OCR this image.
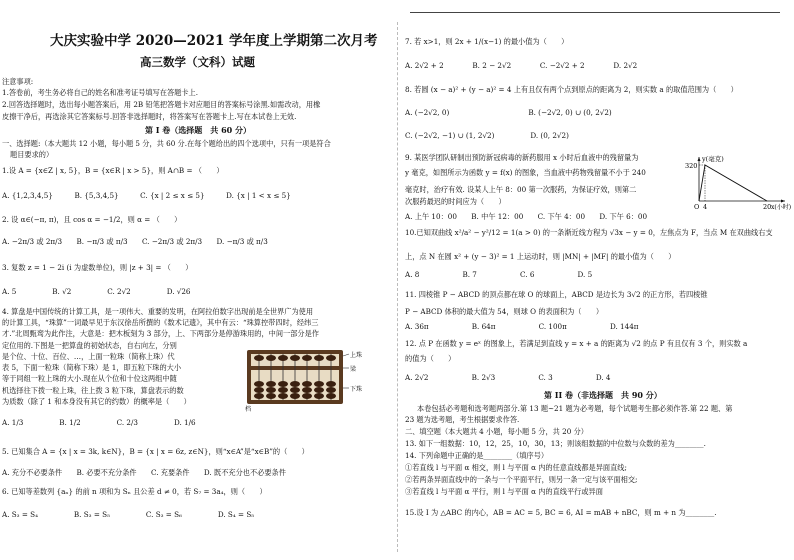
大庆实验中学 2020—2021 学年度上学期第二次月考
高三数学（文科）试题
注意事项:
1.答卷前，考生务必将自己的姓名和准考证号填写在答题卡上.
2.回答选择题时，选出每小题答案后，用 2B 铅笔把答题卡对应题目的答案标号涂黑.如需改动，用橡
皮擦干净后，再选涂其它答案标号.回答非选择题时，将答案写在答题卡上.写在本试卷上无效.
第 I 卷（选择题　共 60 分）
一、选择题:（本大题共 12 小题，每小题 5 分，共 60 分.在每个题给出的四个选项中，只有一项是符合
题目要求的）
1.设 A = {x∈Z | x, 5}，B = {x∈R | x > 5}，则 A∩B = （　　）
A. {1,2,3,4,5}　　　B. {5,3,4,5}　　　C. {x | 2 ≤ x ≤ 5}　　　D. {x | 1 < x ≤ 5}
2. 设 α∈(−π, π)，且 cos α = −1/2，则 α = （　　）
A. −2π/3 或 2π/3　　B. −π/3 或 π/3　　C. −2π/3 或 2π/3　　D. −π/3 或 π/3
3. 复数 z = 1 − 2i (i 为虚数单位)，则 |z + 3| = （　　）
A. 5　　　　　B. √2　　　　　C. 2√2　　　　　D. √26
4. 算盘是中国传统的计算工具，是一项伟大、重要的发明，在阿拉伯数字出现前是全世界广为使用
的计算工具，“珠算”一词最早见于东汉徐岳所撰的《数术记遗》，其中有云：“珠算控带四时，经纬三
才.”北周甄鸾为此作注，大意是：把木板刻为 3 部分，上、下两部分是停游珠用的，中间一部分是作
定位用的.下图是一把算盘的初始状态，自右向左，分别
是个位、十位、百位、…，上面一粒珠（简称上珠）代
表 5，下面一粒珠（简称下珠）是 1，即五粒下珠的大小
等于同组一粒上珠的大小.现在从个位和十位这两组中随
机选择往下拨一粒上珠，往上拨 3 粒下珠，算盘表示的数
为质数（除了 1 和本身没有其它的约数）的概率是（　　）
A. 1/3　　　　　B. 1/2　　　　　C. 2/3　　　　　D. 1/6
5. 已知集合 A = {x | x = 3k, k∈N}，B = {x | x = 6z, z∈N}，则“x∈A”是“x∈B”的（　　）
A. 充分不必要条件　　B. 必要不充分条件　　C. 充要条件　　D. 既不充分也不必要条件
6. 已知等差数列 {aₙ} 的前 n 项和为 Sₙ 且公差 d ≠ 0，若 S₇ = 3a₄，则（　　）
A. S₃ = S₄　　　　　B. S₃ = S₅　　　　　C. S₃ = S₆　　　　　D. S₄ = S₅
上珠
梁
下珠
档
7. 若 x>1，则 2x + 1/(x−1) 的最小值为（　　）
A. 2√2 + 2　　　　B. 2 − 2√2　　　　C. −2√2 + 2　　　　D. 2√2
8. 若圆 (x − a)² + (y − a)² = 4 上有且仅有两个点到原点的距离为 2，则实数 a 的取值范围为（　　）
A. (−2√2, 0)　　　　　　　　　　　B. (−2√2, 0) ∪ (0, 2√2)
C. (−2√2, −1) ∪ (1, 2√2)　　　　　D. (0, 2√2)
9. 某医学团队研制出预防新冠病毒的新药服用 x 小时后血液中的残留量为
y 毫克，如图所示为函数 y = f(x) 的图象，当血液中药物残留量不小于 240
毫克时，治疗有效. 设某人上午 8：00 第一次服药，为保证疗效，则第二
次服药最迟的时间应为（　　）
A. 上午 10：00　　B. 中午 12：00　　C. 下午 4：00　　D. 下午 6：00
10.已知双曲线 x²/a² − y²/12 = 1(a > 0) 的一条渐近线方程为 √3x − y = 0，左焦点为 F，当点 M 在双曲线右支
上，点 N 在圆 x² + (y − 3)² = 1 上运动时，则 |MN| + |MF| 的最小值为（　　）
A. 8　　　　　　B. 7　　　　　　C. 6　　　　　　D. 5
11. 四棱锥 P − ABCD 的顶点都在球 O 的球面上，ABCD 是边长为 3√2 的正方形，若四棱锥
P − ABCD 体积的最大值为 54，则球 O 的表面积为（　　）
A. 36π　　　　　　B. 64π　　　　　　C. 100π　　　　　　D. 144π
12. 点 P 在函数 y = eˣ 的图象上，若满足到直线 y = x + a 的距离为 √2 的点 P 有且仅有 3 个，则实数 a
的值为（　　）
A. 2√2　　　　　　B. 2√3　　　　　　C. 3　　　　　　D. 4
第 II 卷（非选择题　共 90 分）
本卷包括必考题和选考题两部分.第 13 题~21 题为必考题，每个试题考生都必须作答.第 22 题、第
23 题为选考题，考生根据要求作答.
二、填空题（本大题共 4 小题，每小题 5 分，共 20 分）
13. 如下一组数据：10，12，25，10，30，13；则该组数据的中位数与众数的差为________.
14. 下列命题中正确的是________（填序号）
①若直线 l 与平面 α 相交，则 l 与平面 α 内的任意直线都是异面直线;
②若两条异面直线中的一条与一个平面平行，则另一条一定与该平面相交;
③若直线 l 与平面 α 平行，则 l 与平面 α 内的直线平行或异面
15.设 I 为 △ABC 的内心，AB = AC = 5, BC = 6, AI = mAB + nBC，则 m + n 为________.
y(毫克)
320
O 4	20 x(小时)
